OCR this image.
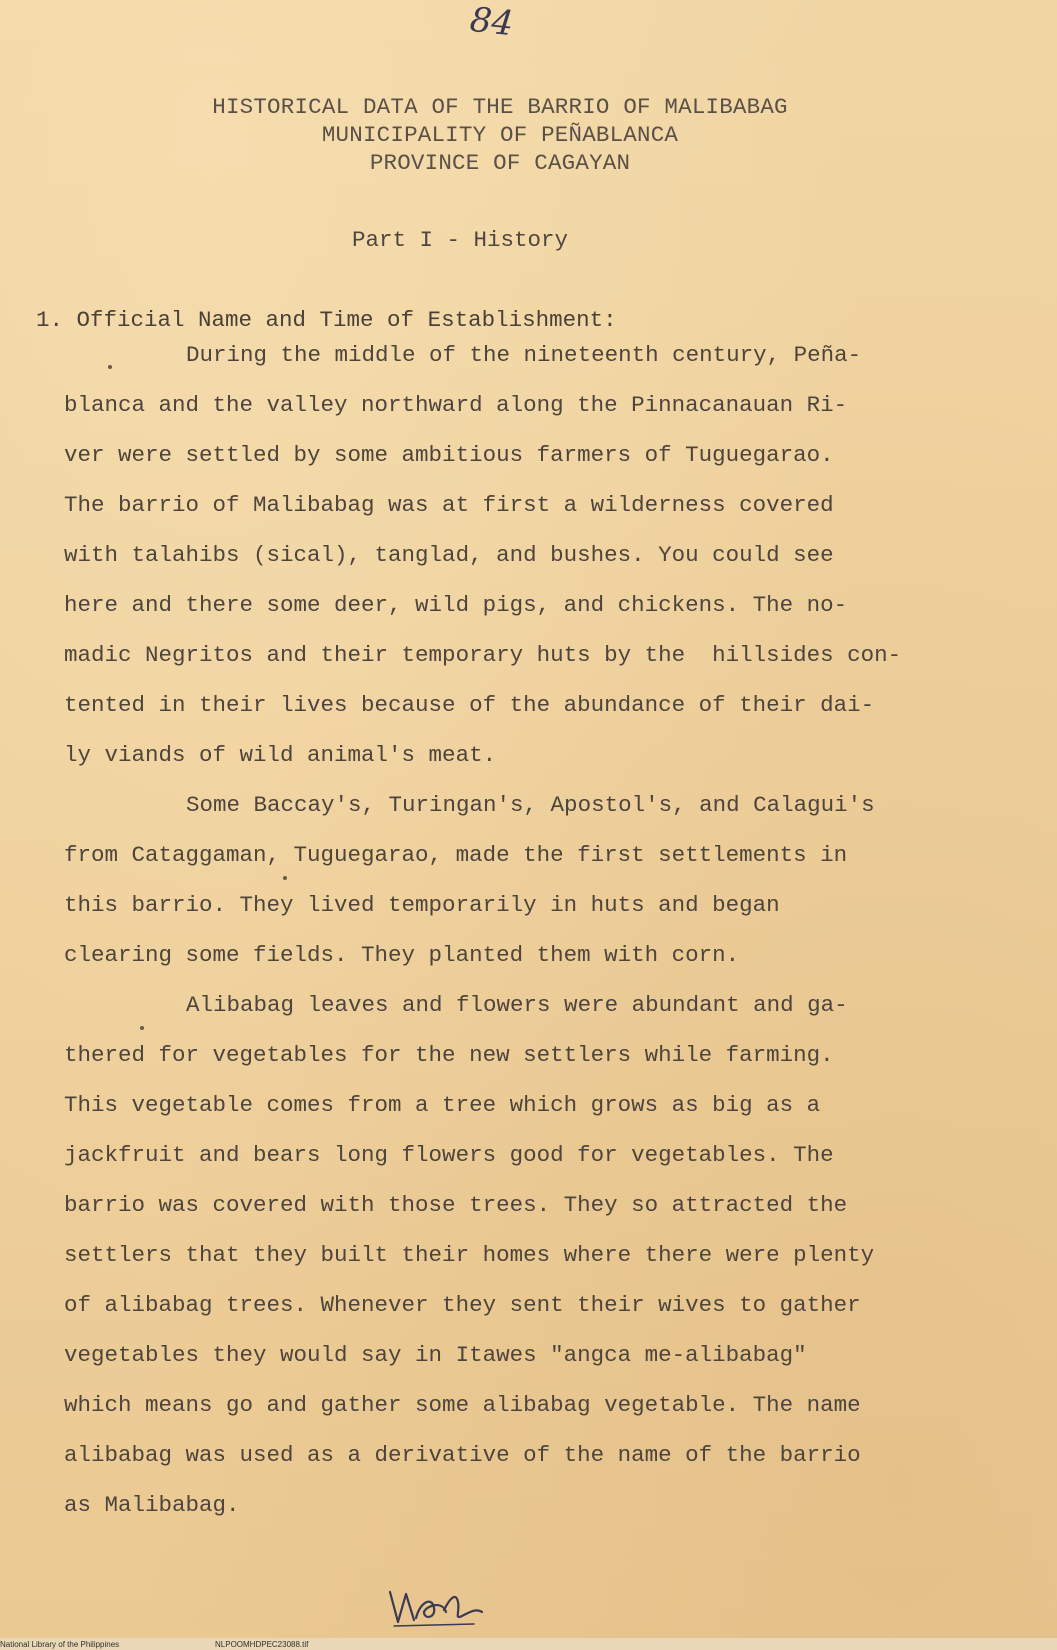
84
HISTORICAL DATA OF THE BARRIO OF MALIBABAG
MUNICIPALITY OF PEÑABLANCA
PROVINCE OF CAGAYAN
Part I - History
1. Official Name and Time of Establishment:
During the middle of the nineteenth century, Peña-
blanca and the valley northward along the Pinnacanauan Ri-
ver were settled by some ambitious farmers of Tuguegarao.
The barrio of Malibabag was at first a wilderness covered
with talahibs (sical), tanglad, and bushes. You could see
here and there some deer, wild pigs, and chickens. The no-
madic Negritos and their temporary huts by the  hillsides con-
tented in their lives because of the abundance of their dai-
ly viands of wild animal's meat.
Some Baccay's, Turingan's, Apostol's, and Calagui's
from Cataggaman, Tuguegarao, made the first settlements in
this barrio. They lived temporarily in huts and began
clearing some fields. They planted them with corn.
Alibabag leaves and flowers were abundant and ga-
thered for vegetables for the new settlers while farming.
This vegetable comes from a tree which grows as big as a
jackfruit and bears long flowers good for vegetables. The
barrio was covered with those trees. They so attracted the
settlers that they built their homes where there were plenty
of alibabag trees. Whenever they sent their wives to gather
vegetables they would say in Itawes "angca me-alibabag"
which means go and gather some alibabag vegetable. The name
alibabag was used as a derivative of the name of the barrio
as Malibabag.
National Library of the Philippines	NLPOOMHDPEC23088.tif
